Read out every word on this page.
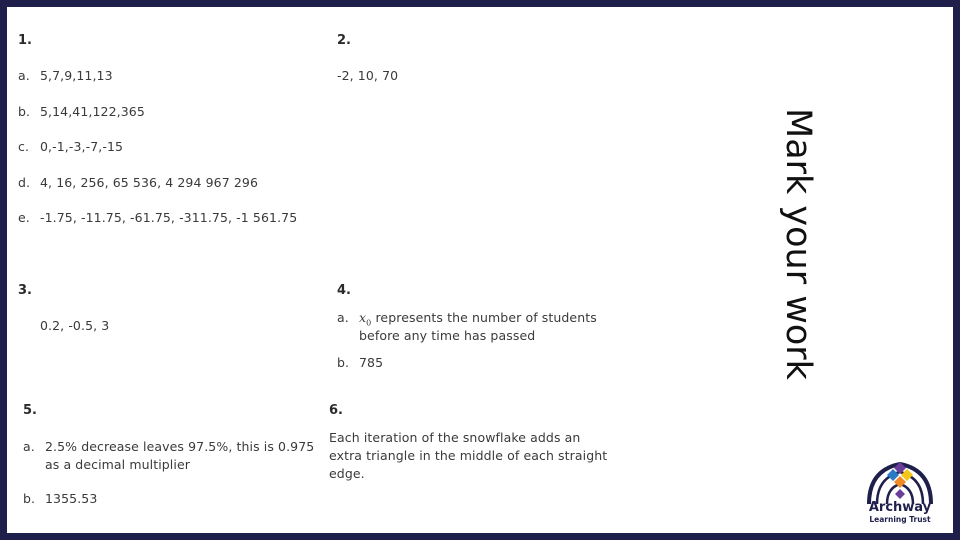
1.
a. 5,7,9,11,13
b. 5,14,41,122,365
c. 0,-1,-3,-7,-15
d. 4, 16, 256, 65 536, 4 294 967 296
e. -1.75, -11.75, -61.75, -311.75, -1 561.75
2.
-2, 10, 70
3.
0.2, -0.5, 3
4.
a. $x_0$ represents the number of students
before any time has passed
b. 785
5.
a. 2.5% decrease leaves 97.5%, this is 0.975
as a decimal multiplier
b. 1355.53
6.
Each iteration of the snowflake adds an
extra triangle in the middle of each straight
edge.
Mark your work
Archway
Learning Trust
